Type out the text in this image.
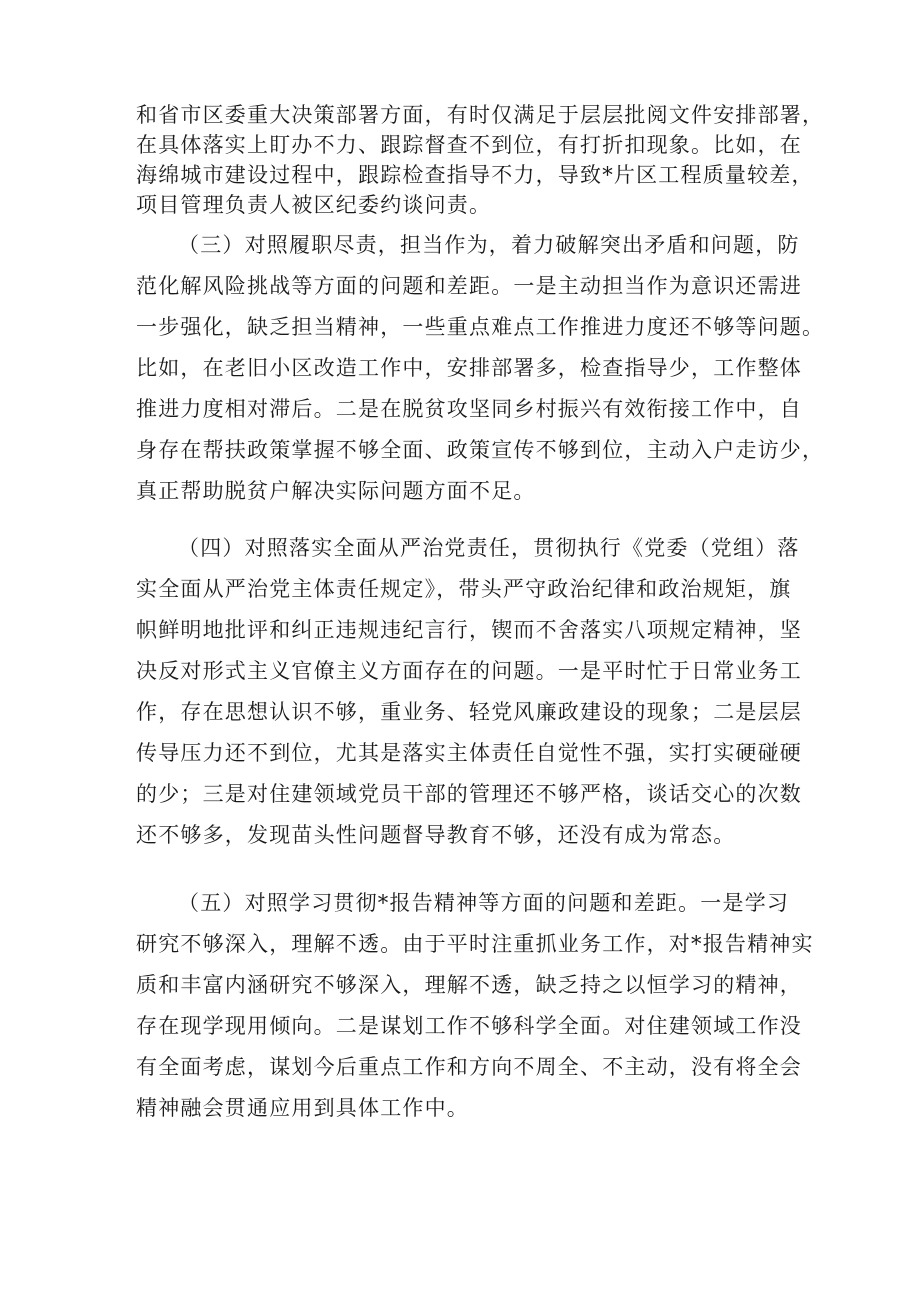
和省市区委重大决策部署方面，有时仅满足于层层批阅文件安排部署，
在具体落实上盯办不力、跟踪督查不到位，有打折扣现象。比如，在
海绵城市建设过程中，跟踪检查指导不力，导致*片区工程质量较差，
项目管理负责人被区纪委约谈问责。

（三）对照履职尽责，担当作为，着力破解突出矛盾和问题，防
范化解风险挑战等方面的问题和差距。一是主动担当作为意识还需进
一步强化，缺乏担当精神，一些重点难点工作推进力度还不够等问题。
比如，在老旧小区改造工作中，安排部署多，检查指导少，工作整体
推进力度相对滞后。二是在脱贫攻坚同乡村振兴有效衔接工作中，自
身存在帮扶政策掌握不够全面、政策宣传不够到位，主动入户走访少，
真正帮助脱贫户解决实际问题方面不足。

（四）对照落实全面从严治党责任，贯彻执行《党委（党组）落
实全面从严治党主体责任规定》，带头严守政治纪律和政治规矩，旗
帜鲜明地批评和纠正违规违纪言行，锲而不舍落实八项规定精神，坚
决反对形式主义官僚主义方面存在的问题。一是平时忙于日常业务工
作，存在思想认识不够，重业务、轻党风廉政建设的现象；二是层层
传导压力还不到位，尤其是落实主体责任自觉性不强，实打实硬碰硬
的少；三是对住建领域党员干部的管理还不够严格，谈话交心的次数
还不够多，发现苗头性问题督导教育不够，还没有成为常态。

（五）对照学习贯彻*报告精神等方面的问题和差距。一是学习
研究不够深入，理解不透。由于平时注重抓业务工作，对*报告精神实
质和丰富内涵研究不够深入，理解不透，缺乏持之以恒学习的精神，
存在现学现用倾向。二是谋划工作不够科学全面。对住建领域工作没
有全面考虑，谋划今后重点工作和方向不周全、不主动，没有将全会
精神融会贯通应用到具体工作中。
